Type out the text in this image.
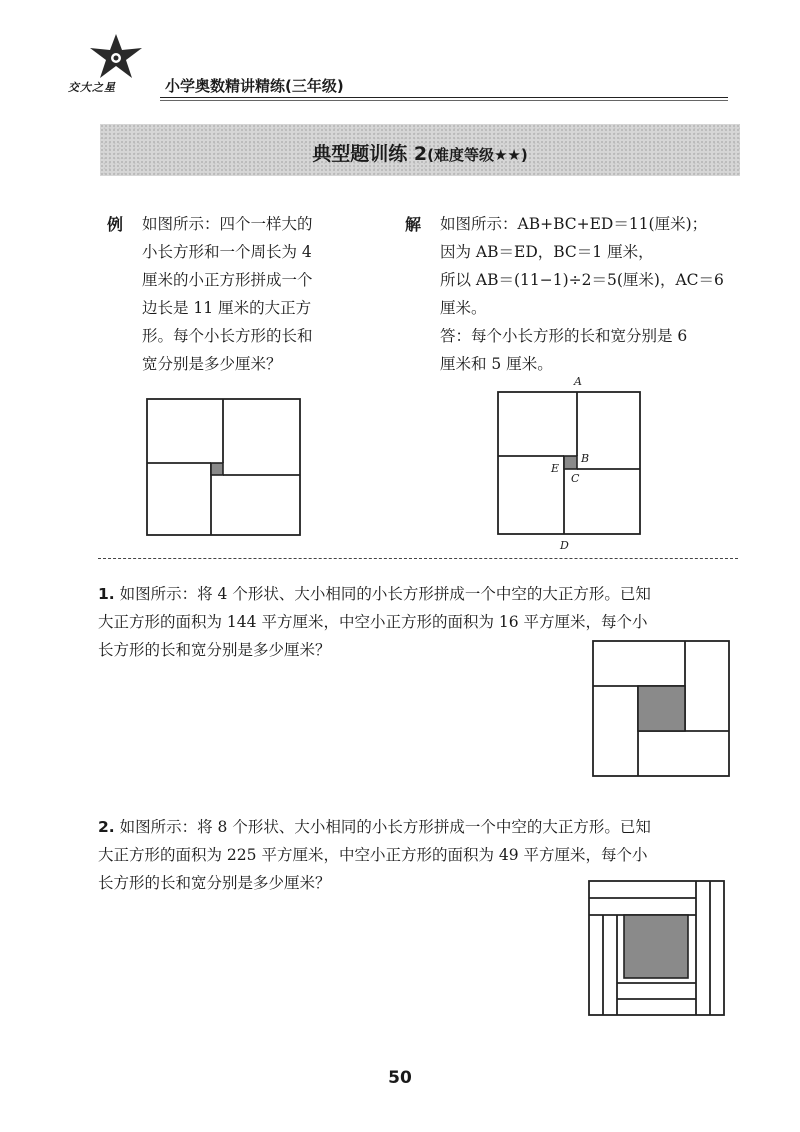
交大之星	小学奥数精讲精练(三年级)
典型题训练 2(难度等级★★)
例 如图所示：四个一样大的
小长方形和一个周长为 4
厘米的小正方形拼成一个
边长是 11 厘米的大正方
形。每个小长方形的长和
宽分别是多少厘米？
解 如图所示：AB+BC+ED＝11(厘米)；
因为 AB＝ED，BC＝1 厘米，
所以 AB＝(11−1)÷2＝5(厘米)，AC＝6
厘米。
答：每个小长方形的长和宽分别是 6
厘米和 5 厘米。
A
B
C
E
D
1. 如图所示：将 4 个形状、大小相同的小长方形拼成一个中空的大正方形。已知
大正方形的面积为 144 平方厘米，中空小正方形的面积为 16 平方厘米，每个小
长方形的长和宽分别是多少厘米？
2. 如图所示：将 8 个形状、大小相同的小长方形拼成一个中空的大正方形。已知
大正方形的面积为 225 平方厘米，中空小正方形的面积为 49 平方厘米，每个小
长方形的长和宽分别是多少厘米？
50
